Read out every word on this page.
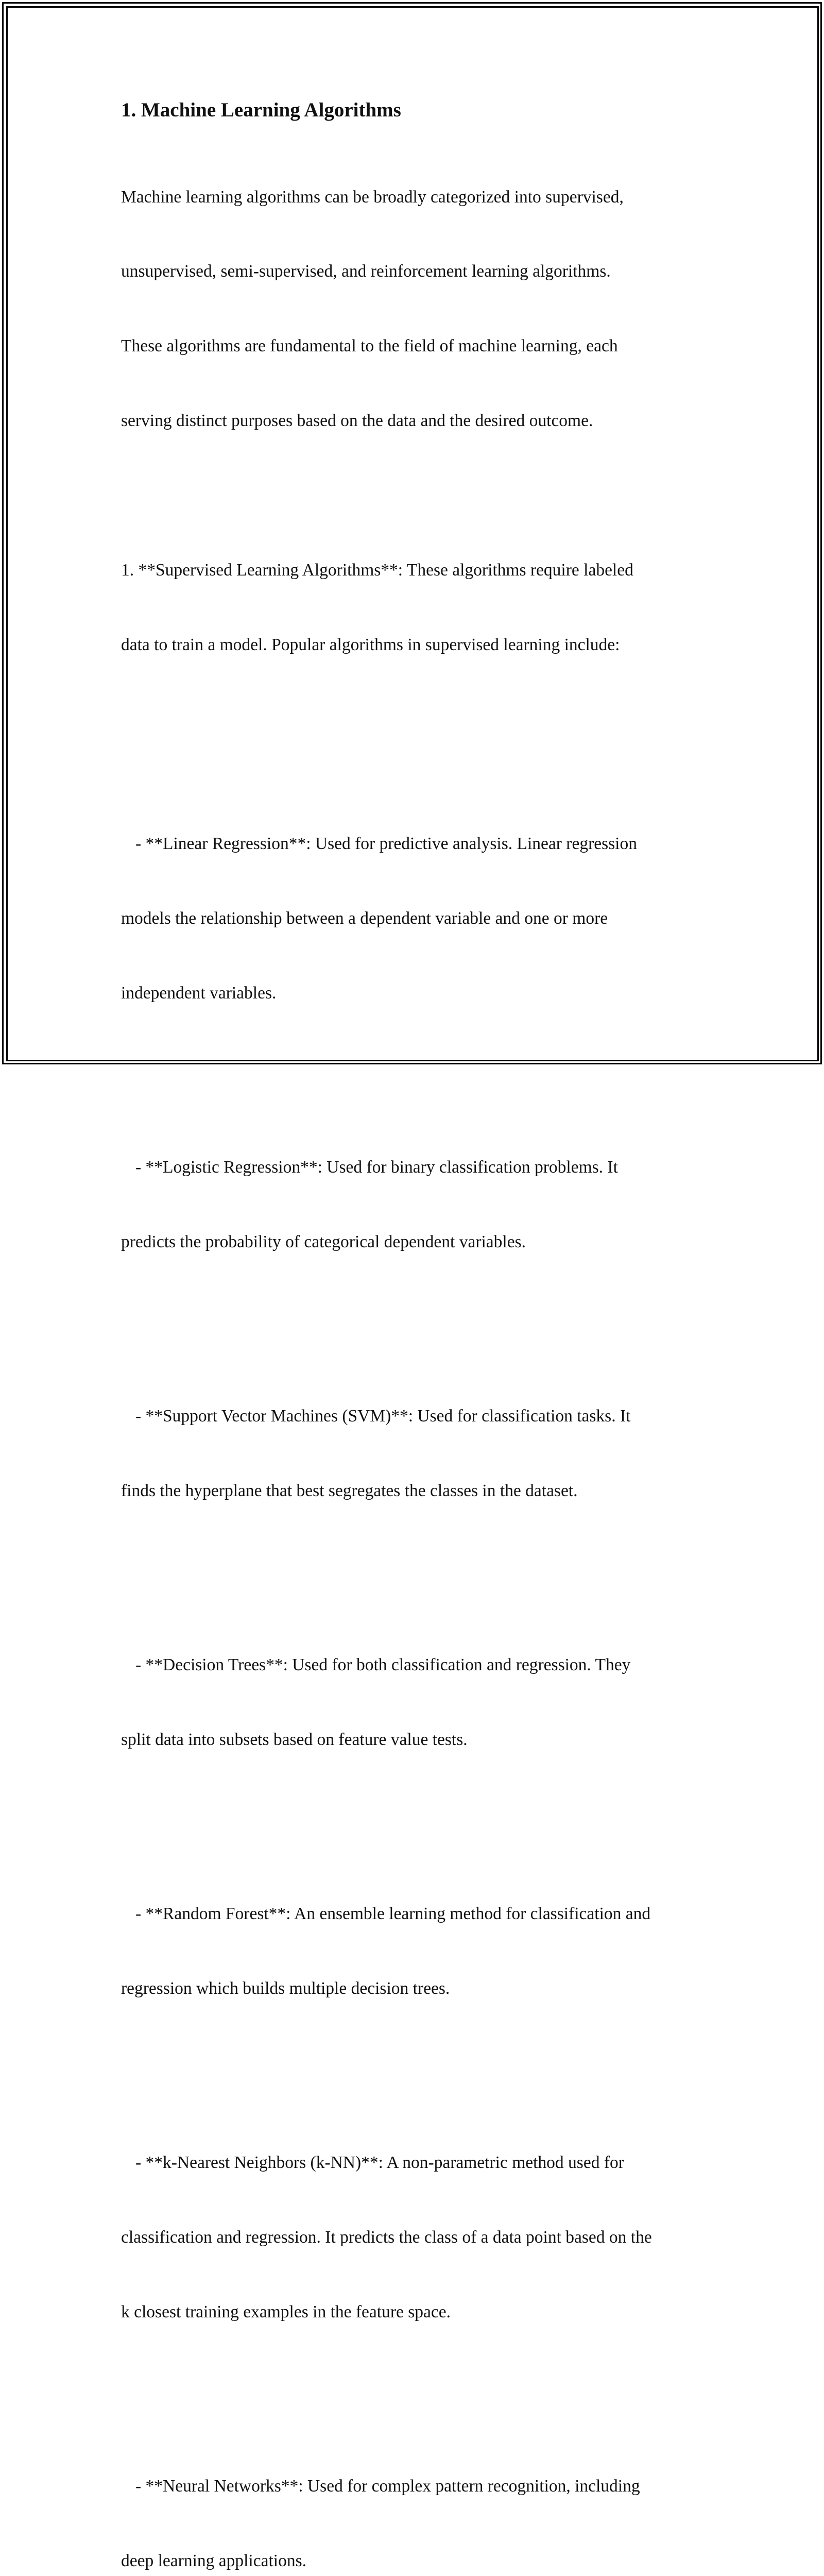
1. Machine Learning Algorithms

Machine learning algorithms can be broadly categorized into supervised,

unsupervised, semi-supervised, and reinforcement learning algorithms.

These algorithms are fundamental to the field of machine learning, each

serving distinct purposes based on the data and the desired outcome.

1. **Supervised Learning Algorithms**: These algorithms require labeled

data to train a model. Popular algorithms in supervised learning include:

- **Linear Regression**: Used for predictive analysis. Linear regression

models the relationship between a dependent variable and one or more

independent variables.

- **Logistic Regression**: Used for binary classification problems. It

predicts the probability of categorical dependent variables.

- **Support Vector Machines (SVM)**: Used for classification tasks. It

finds the hyperplane that best segregates the classes in the dataset.

- **Decision Trees**: Used for both classification and regression. They

split data into subsets based on feature value tests.

- **Random Forest**: An ensemble learning method for classification and

regression which builds multiple decision trees.

- **k-Nearest Neighbors (k-NN)**: A non-parametric method used for

classification and regression. It predicts the class of a data point based on the

k closest training examples in the feature space.

- **Neural Networks**: Used for complex pattern recognition, including

deep learning applications.
